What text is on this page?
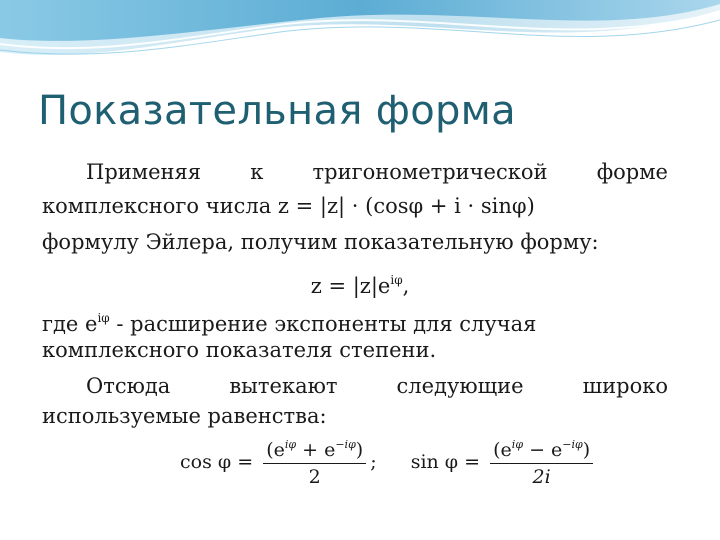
Показательная форма
Применяя к тригонометрической форме
комплексного числа z = |z| · (cosφ + i · sinφ)
формулу Эйлера, получим показательную форму:
$z = |z|e^{i\varphi}$,
где $e^{i\varphi}$ - расширение экспоненты для случая
комплексного показателя степени.
Отсюда	вытекают	следующие	широко
используемые равенства:
$\cos \varphi = \frac{(e^{i\varphi} + e^{-i\varphi})}{2}$ ; $\sin \varphi = \frac{(e^{i\varphi} - e^{-i\varphi})}{2i}$
